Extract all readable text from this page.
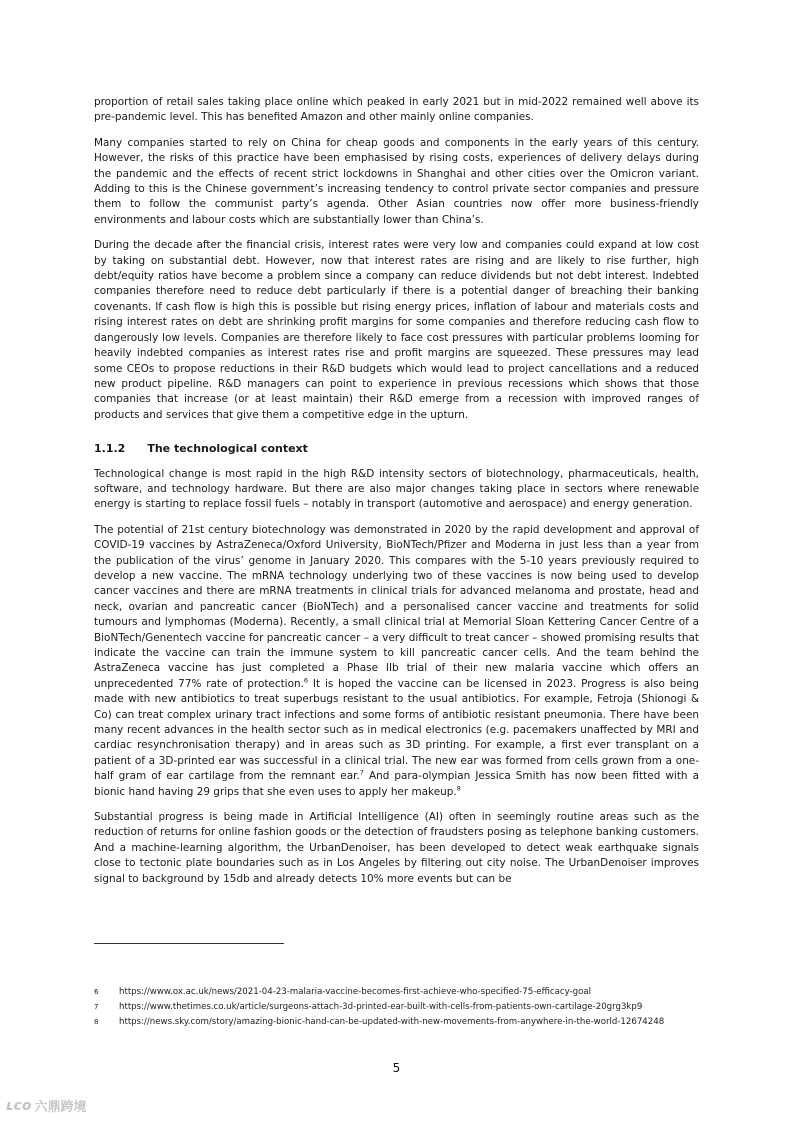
proportion of retail sales taking place online which peaked in early 2021 but in mid-2022 remained well above its pre-pandemic level. This has benefited Amazon and other mainly online companies.

Many companies started to rely on China for cheap goods and components in the early years of this century. However, the risks of this practice have been emphasised by rising costs, experiences of delivery delays during the pandemic and the effects of recent strict lockdowns in Shanghai and other cities over the Omicron variant. Adding to this is the Chinese government’s increasing tendency to control private sector companies and pressure them to follow the communist party’s agenda. Other Asian countries now offer more business-friendly environments and labour costs which are substantially lower than China’s.

During the decade after the financial crisis, interest rates were very low and companies could expand at low cost by taking on substantial debt. However, now that interest rates are rising and are likely to rise further, high debt/equity ratios have become a problem since a company can reduce dividends but not debt interest. Indebted companies therefore need to reduce debt particularly if there is a potential danger of breaching their banking covenants. If cash flow is high this is possible but rising energy prices, inflation of labour and materials costs and rising interest rates on debt are shrinking profit margins for some companies and therefore reducing cash flow to dangerously low levels. Companies are therefore likely to face cost pressures with particular problems looming for heavily indebted companies as interest rates rise and profit margins are squeezed. These pressures may lead some CEOs to propose reductions in their R&D budgets which would lead to project cancellations and a reduced new product pipeline. R&D managers can point to experience in previous recessions which shows that those companies that increase (or at least maintain) their R&D emerge from a recession with improved ranges of products and services that give them a competitive edge in the upturn.

1.1.2 The technological context

Technological change is most rapid in the high R&D intensity sectors of biotechnology, pharmaceuticals, health, software, and technology hardware. But there are also major changes taking place in sectors where renewable energy is starting to replace fossil fuels – notably in transport (automotive and aerospace) and energy generation.

The potential of 21st century biotechnology was demonstrated in 2020 by the rapid development and approval of COVID-19 vaccines by AstraZeneca/Oxford University, BioNTech/Pfizer and Moderna in just less than a year from the publication of the virus’ genome in January 2020. This compares with the 5-10 years previously required to develop a new vaccine. The mRNA technology underlying two of these vaccines is now being used to develop cancer vaccines and there are mRNA treatments in clinical trials for advanced melanoma and prostate, head and neck, ovarian and pancreatic cancer (BioNTech) and a personalised cancer vaccine and treatments for solid tumours and lymphomas (Moderna). Recently, a small clinical trial at Memorial Sloan Kettering Cancer Centre of a BioNTech/Genentech vaccine for pancreatic cancer – a very difficult to treat cancer – showed promising results that indicate the vaccine can train the immune system to kill pancreatic cancer cells. And the team behind the AstraZeneca vaccine has just completed a Phase IIb trial of their new malaria vaccine which offers an unprecedented 77% rate of protection.$^6$ It is hoped the vaccine can be licensed in 2023. Progress is also being made with new antibiotics to treat superbugs resistant to the usual antibiotics. For example, Fetroja (Shionogi & Co) can treat complex urinary tract infections and some forms of antibiotic resistant pneumonia. There have been many recent advances in the health sector such as in medical electronics (e.g. pacemakers unaffected by MRI and cardiac resynchronisation therapy) and in areas such as 3D printing. For example, a first ever transplant on a patient of a 3D-printed ear was successful in a clinical trial. The new ear was formed from cells grown from a one-half gram of ear cartilage from the remnant ear.$^7$ And para-olympian Jessica Smith has now been fitted with a bionic hand having 29 grips that she even uses to apply her makeup.$^8$

Substantial progress is being made in Artificial Intelligence (AI) often in seemingly routine areas such as the reduction of returns for online fashion goods or the detection of fraudsters posing as telephone banking customers. And a machine-learning algorithm, the UrbanDenoiser, has been developed to detect weak earthquake signals close to tectonic plate boundaries such as in Los Angeles by filtering out city noise. The UrbanDenoiser improves signal to background by 15db and already detects 10% more events but can be

6	https://www.ox.ac.uk/news/2021-04-23-malaria-vaccine-becomes-first-achieve-who-specified-75-efficacy-goal
7	https://www.thetimes.co.uk/article/surgeons-attach-3d-printed-ear-built-with-cells-from-patients-own-cartilage-20grg3kp9
8	https://news.sky.com/story/amazing-bionic-hand-can-be-updated-with-new-movements-from-anywhere-in-the-world-12674248
5
ʟco 六鼎跨境
